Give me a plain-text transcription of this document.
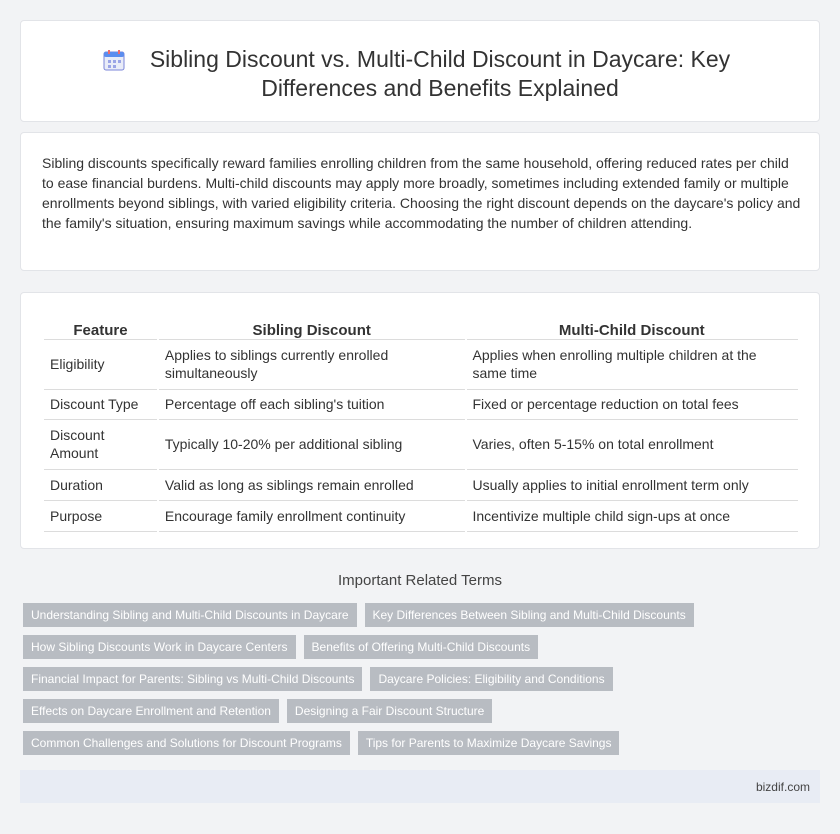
Sibling Discount vs. Multi-Child Discount in Daycare: Key Differences and Benefits Explained

Sibling discounts specifically reward families enrolling children from the same household, offering reduced rates per child to ease financial burdens. Multi-child discounts may apply more broadly, sometimes including extended family or multiple enrollments beyond siblings, with varied eligibility criteria. Choosing the right discount depends on the daycare's policy and the family's situation, ensuring maximum savings while accommodating the number of children attending.

Feature	Sibling Discount	Multi-Child Discount
Eligibility	Applies to siblings currently enrolled simultaneously	Applies when enrolling multiple children at the same time
Discount Type	Percentage off each sibling's tuition	Fixed or percentage reduction on total fees
Discount Amount	Typically 10-20% per additional sibling	Varies, often 5-15% on total enrollment
Duration	Valid as long as siblings remain enrolled	Usually applies to initial enrollment term only
Purpose	Encourage family enrollment continuity	Incentivize multiple child sign-ups at once
Important Related Terms
Understanding Sibling and Multi-Child Discounts in Daycare	Key Differences Between Sibling and Multi-Child Discounts
How Sibling Discounts Work in Daycare Centers	Benefits of Offering Multi-Child Discounts
Financial Impact for Parents: Sibling vs Multi-Child Discounts	Daycare Policies: Eligibility and Conditions
Effects on Daycare Enrollment and Retention	Designing a Fair Discount Structure
Common Challenges and Solutions for Discount Programs	Tips for Parents to Maximize Daycare Savings
bizdif.com
